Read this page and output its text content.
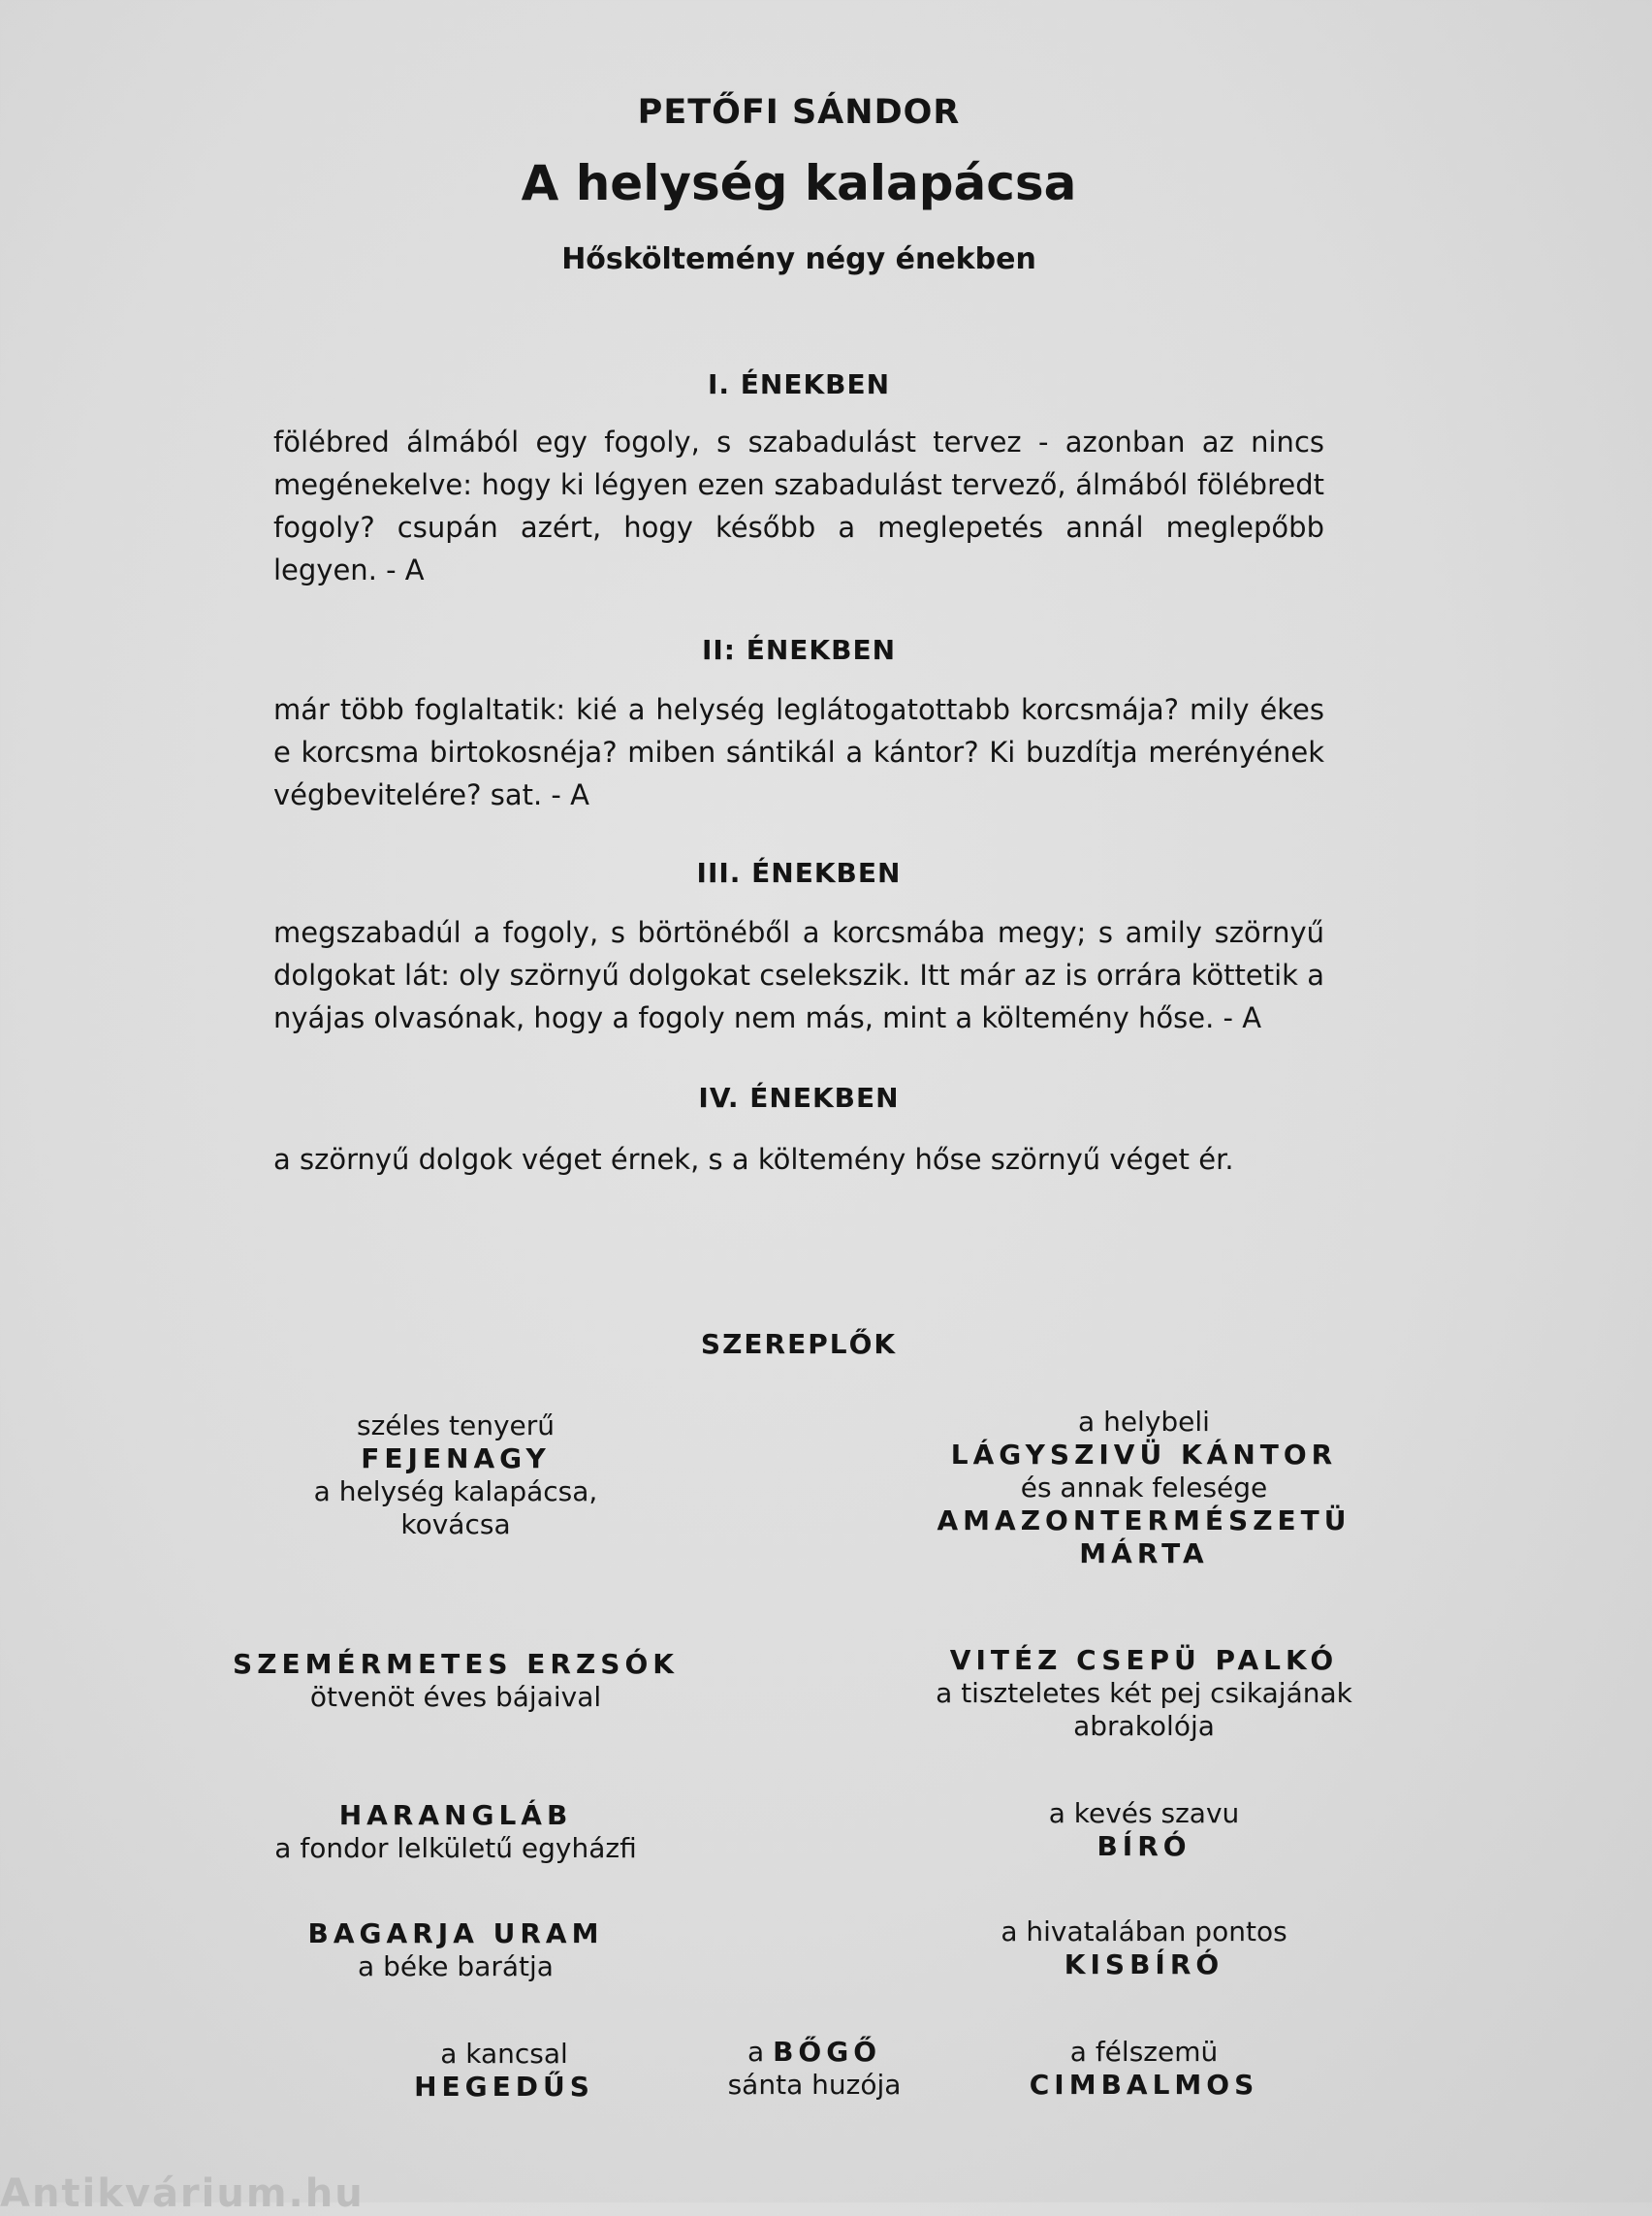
PETŐFI SÁNDOR
A helység kalapácsa
Hősköltemény négy énekben
I. ÉNEKBEN
fölébred álmából egy fogoly, s szabadulást tervez - azonban az nincs megénekelve: hogy ki légyen ezen szabadulást tervező, álmából fölébredt fogoly? csupán azért, hogy később a meglepetés annál meglepőbb legyen. - A
II: ÉNEKBEN
már több foglaltatik: kié a helység leglátogatottabb korcsmája? mily ékes e korcsma birtokosnéja? miben sántikál a kántor? Ki buzdítja merényének végbevitelére? sat. - A
III. ÉNEKBEN
megszabadúl a fogoly, s börtönéből a korcsmába megy; s amily szörnyű dolgokat lát: oly szörnyű dolgokat cselekszik. Itt már az is orrára köttetik a nyájas olvasónak, hogy a fogoly nem más, mint a költemény hőse. - A
IV. ÉNEKBEN
a szörnyű dolgok véget érnek, s a költemény hőse szörnyű véget ér.
SZEREPLŐK
széles tenyerű
FEJENAGY
a helység kalapácsa,
kovácsa
a helybeli
LÁGYSZIVÜ KÁNTOR
és annak felesége
AMAZONTERMÉSZETÜ
MÁRTA
SZEMÉRMETES ERZSÓK
ötvenöt éves bájaival
VITÉZ CSEPÜ PALKÓ
a tiszteletes két pej csikajának
abrakolója
HARANGLÁB
a fondor lelkületű egyházfi
a kevés szavu
BÍRÓ
BAGARJA URAM
a béke barátja
a hivatalában pontos
KISBÍRÓ
a kancsal
HEGEDŰS
a BŐGŐ
sánta huzója
a félszemü
CIMBALMOS
Antikvárium.hu
